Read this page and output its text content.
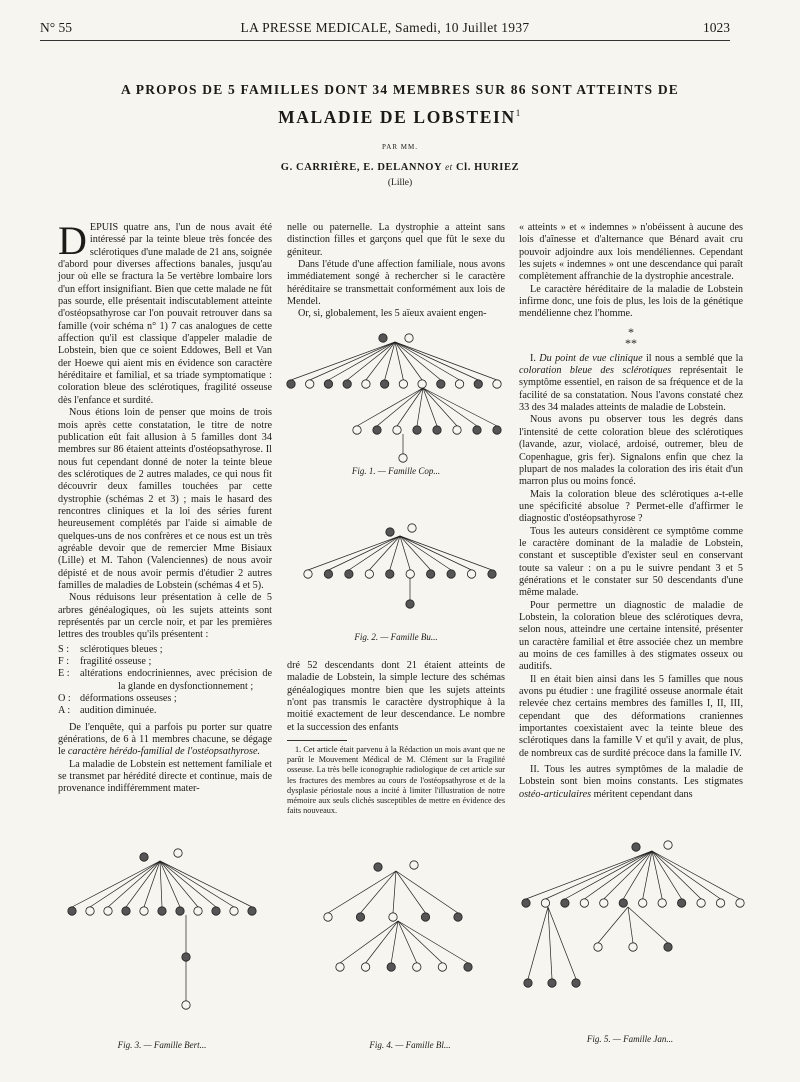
N° 55	LA PRESSE MEDICALE, Samedi, 10 Juillet 1937	1023
A PROPOS DE 5 FAMILLES DONT 34 MEMBRES SUR 86 SONT ATTEINTS DE
MALADIE DE LOBSTEIN$^1$
PAR MM.
G. CARRIÈRE, E. DELANNOY et Cl. HURIEZ
(Lille)

DEPUIS quatre ans, l'un de nous avait été intéressé par la teinte bleue très foncée des sclérotiques d'une malade de 21 ans, soignée d'abord pour diverses affections banales, jusqu'au jour où elle se fractura la 5e vertèbre lombaire lors d'un effort insignifiant. Bien que cette malade ne fût pas sourde, elle présentait indiscutablement atteinte d'ostéopsathyrose car l'on pouvait retrouver dans sa famille (voir schéma n° 1) 7 cas analogues de cette affection qu'il est classique d'appeler maladie de Lobstein, bien que ce soient Eddowes, Bell et Van der Hoewe qui aient mis en évidence son caractère héréditaire et familial, et sa triade symptomatique : coloration bleue des sclérotiques, fragilité osseuse dès l'enfance et surdité.

Nous étions loin de penser que moins de trois mois après cette constatation, le titre de notre publication eût fait allusion à 5 familles dont 34 membres sur 86 étaient atteints d'ostéopsathyrose. Il nous fut cependant donné de noter la teinte bleue des sclérotiques de 2 autres malades, ce qui nous fit découvrir deux familles touchées par cette dystrophie (schémas 2 et 3) ; mais le hasard des rencontres cliniques et la loi des séries furent heureusement complétés par l'aide si aimable de quelques-uns de nos confrères et ce nous est un très agréable devoir que de remercier Mme Bisiaux (Lille) et M. Tahon (Valenciennes) de nous avoir dépisté et de nous avoir permis d'étudier 2 autres familles de maladies de Lobstein (schémas 4 et 5).

Nous réduisons leur présentation à celle de 5 arbres généalogiques, où les sujets atteints sont représentés par un cercle noir, et par les premières lettres des troubles qu'ils présentent :

S : sclérotiques bleues ;
F : fragilité osseuse ;
E : altérations endocriniennes, avec précision de la glande en dysfonctionnement ;
O : déformations osseuses ;
A : audition diminuée.

De l'enquête, qui a parfois pu porter sur quatre générations, de 6 à 11 membres chacune, se dégage le caractère hérédo-familial de l'ostéopsathyrose.

La maladie de Lobstein est nettement familiale et se transmet par hérédité directe et continue, mais de provenance indifféremment mater-

nelle ou paternelle. La dystrophie a atteint sans distinction filles et garçons quel que fût le sexe du géniteur.

Dans l'étude d'une affection familiale, nous avons immédiatement songé à rechercher si le caractère héréditaire se transmettait conformément aux lois de Mendel.

Or, si, globalement, les 5 aïeux avaient engen-

dré 52 descendants dont 21 étaient atteints de maladie de Lobstein, la simple lecture des schémas généalogiques montre bien que les sujets atteints n'ont pas transmis le caractère dystrophique à la moitié exactement de leur descendance. Le nombre et la succession des enfants

1. Cet article était parvenu à la Rédaction un mois avant que ne parût le Mouvement Médical de M. Clément sur la Fragilité osseuse. La très belle iconographie radiologique de cet article sur les fractures des membres au cours de l'ostéopsathyrose et de la dysplasie périostale nous a incité à limiter l'illustration de notre mémoire aux seuls clichés susceptibles de mettre en évidence des faits nouveaux.

« atteints » et « indemnes » n'obéissent à aucune des lois d'aînesse et d'alternance que Bénard avait cru pouvoir adjoindre aux lois mendéliennes. Cependant les sujets « indemnes » ont une descendance qui paraît complètement affranchie de la dystrophie ancestrale.

Le caractère héréditaire de la maladie de Lobstein infirme donc, une fois de plus, les lois de la génétique mendélienne chez l'homme.

*
**

I. Du point de vue clinique il nous a semblé que la coloration bleue des sclérotiques représentait le symptôme essentiel, en raison de sa fréquence et de la facilité de sa constatation. Nous l'avons constaté chez 33 des 34 malades atteints de maladie de Lobstein.

Nous avons pu observer tous les degrés dans l'intensité de cette coloration bleue des sclérotiques (lavande, azur, violacé, ardoisé, outremer, bleu de Copenhague, gris fer). Signalons enfin que chez la plupart de nos malades la coloration des iris était d'un marron plus ou moins foncé.

Mais la coloration bleue des sclérotiques a-t-elle une spécificité absolue ? Permet-elle d'affirmer le diagnostic d'ostéopsathyrose ?

Tous les auteurs considèrent ce symptôme comme le caractère dominant de la maladie de Lobstein, constant et susceptible d'exister seul en conservant toute sa valeur : on a pu le suivre pendant 3 et 5 générations et le constater sur 50 descendants d'une même malade.

Pour permettre un diagnostic de maladie de Lobstein, la coloration bleue des sclérotiques devra, selon nous, atteindre une certaine intensité, présenter un caractère familial et être associée chez un membre au moins de ces familles à des stigmates osseux ou auditifs.

Il en était bien ainsi dans les 5 familles que nous avons pu étudier : une fragilité osseuse anormale était relevée chez certains membres des familles I, II, III, cependant que des déformations craniennes importantes coexistaient avec la teinte bleue des sclérotiques dans la famille V et qu'il y avait, de plus, de nombreux cas de surdité précoce dans la famille IV.

II. Tous les autres symptômes de la maladie de Lobstein sont bien moins constants. Les stigmates ostéo-articulaires méritent cependant dans

Fig. 1. — Famille Cop...
Fig. 2. — Famille Bu...
Fig. 3. — Famille Bert...	Fig. 4. — Famille Bl...
Fig. 5. — Famille Jan...
